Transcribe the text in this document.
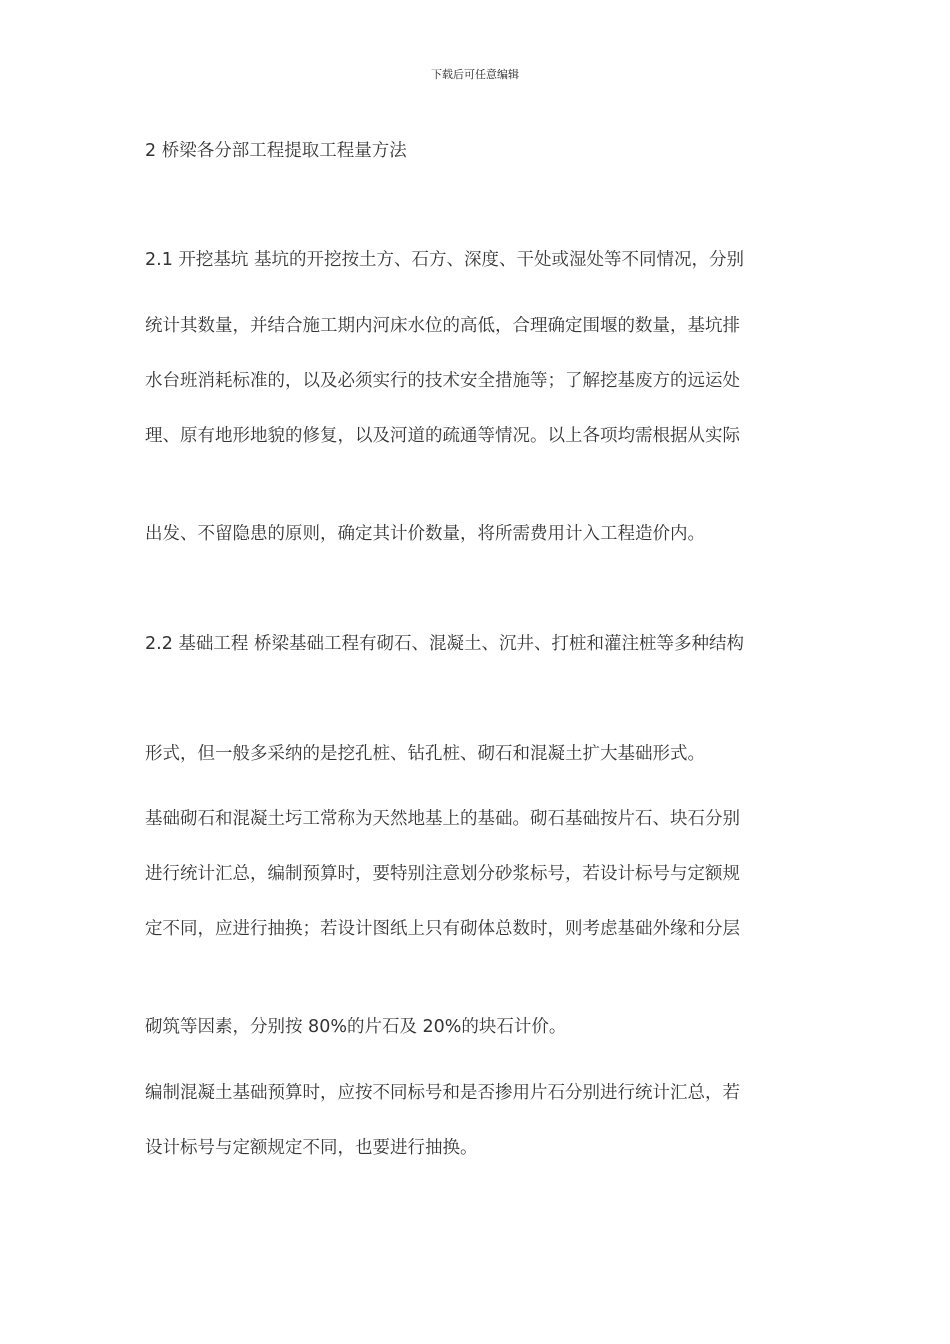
下载后可任意编辑
2 桥梁各分部工程提取工程量方法
2.1 开挖基坑 基坑的开挖按土方、石方、深度、干处或湿处等不同情况，分别
统计其数量，并结合施工期内河床水位的高低，合理确定围堰的数量，基坑排
水台班消耗标准的，以及必须实行的技术安全措施等；了解挖基废方的远运处
理、原有地形地貌的修复，以及河道的疏通等情况。以上各项均需根据从实际
出发、不留隐患的原则，确定其计价数量，将所需费用计入工程造价内。
2.2 基础工程 桥梁基础工程有砌石、混凝土、沉井、打桩和灌注桩等多种结构
形式，但一般多采纳的是挖孔桩、钻孔桩、砌石和混凝土扩大基础形式。
基础砌石和混凝土圬工常称为天然地基上的基础。砌石基础按片石、块石分别
进行统计汇总，编制预算时，要特别注意划分砂浆标号，若设计标号与定额规
定不同，应进行抽换；若设计图纸上只有砌体总数时，则考虑基础外缘和分层
砌筑等因素，分别按 80%的片石及 20%的块石计价。
编制混凝土基础预算时，应按不同标号和是否掺用片石分别进行统计汇总，若
设计标号与定额规定不同，也要进行抽换。
